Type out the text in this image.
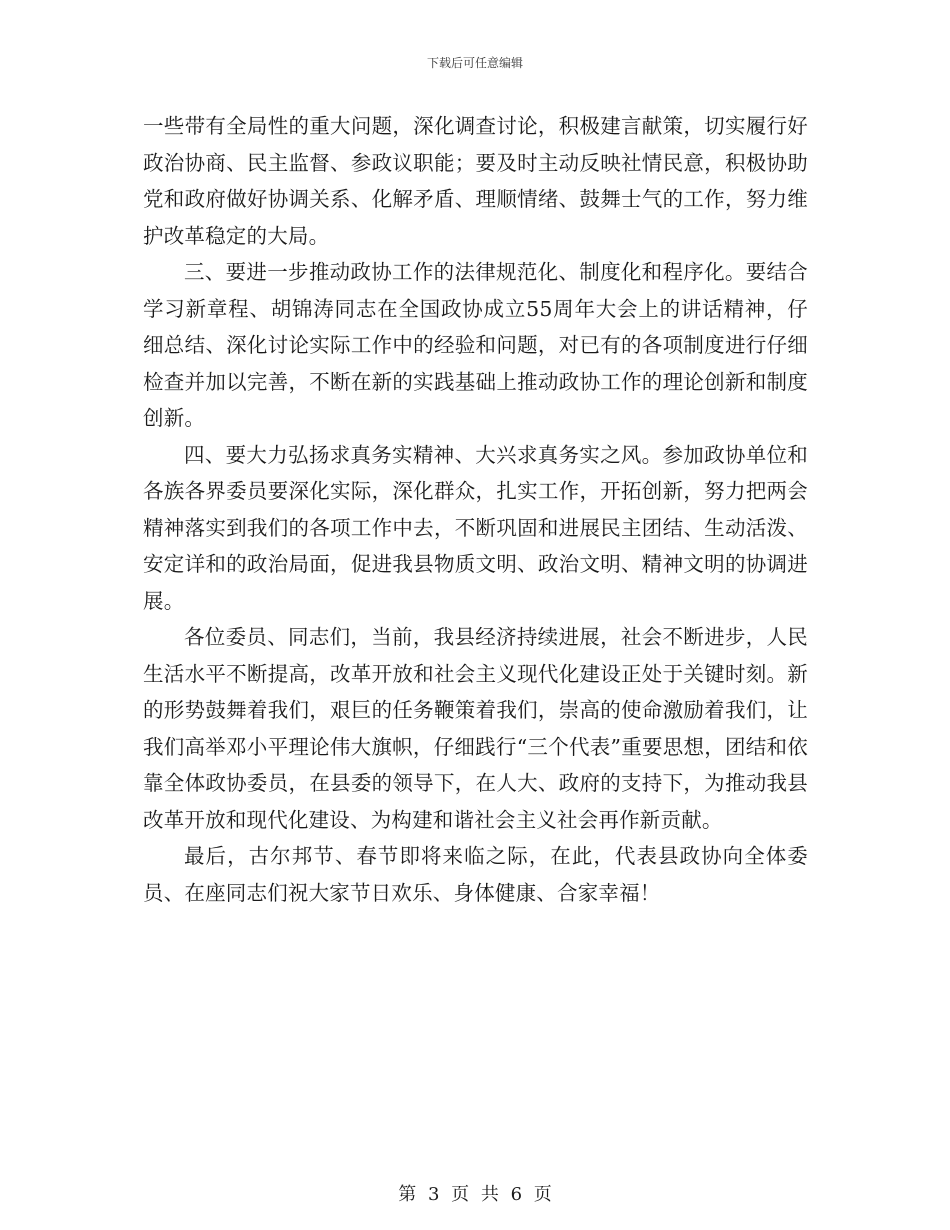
下载后可任意编辑

一些带有全局性的重大问题，深化调查讨论，积极建言献策，切实履行好政治协商、民主监督、参政议职能；要及时主动反映社情民意，积极协助党和政府做好协调关系、化解矛盾、理顺情绪、鼓舞士气的工作，努力维护改革稳定的大局。

三、要进一步推动政协工作的法律规范化、制度化和程序化。要结合学习新章程、胡锦涛同志在全国政协成立55周年大会上的讲话精神，仔细总结、深化讨论实际工作中的经验和问题，对已有的各项制度进行仔细检查并加以完善，不断在新的实践基础上推动政协工作的理论创新和制度创新。

四、要大力弘扬求真务实精神、大兴求真务实之风。参加政协单位和各族各界委员要深化实际，深化群众，扎实工作，开拓创新，努力把两会精神落实到我们的各项工作中去，不断巩固和进展民主团结、生动活泼、安定详和的政治局面，促进我县物质文明、政治文明、精神文明的协调进展。

各位委员、同志们，当前，我县经济持续进展，社会不断进步，人民生活水平不断提高，改革开放和社会主义现代化建设正处于关键时刻。新的形势鼓舞着我们，艰巨的任务鞭策着我们，崇高的使命激励着我们，让我们高举邓小平理论伟大旗帜，仔细践行“三个代表”重要思想，团结和依靠全体政协委员，在县委的领导下，在人大、政府的支持下，为推动我县改革开放和现代化建设、为构建和谐社会主义社会再作新贡献。

最后，古尔邦节、春节即将来临之际，在此，代表县政协向全体委员、在座同志们祝大家节日欢乐、身体健康、合家幸福！

第 3 页 共 6 页
